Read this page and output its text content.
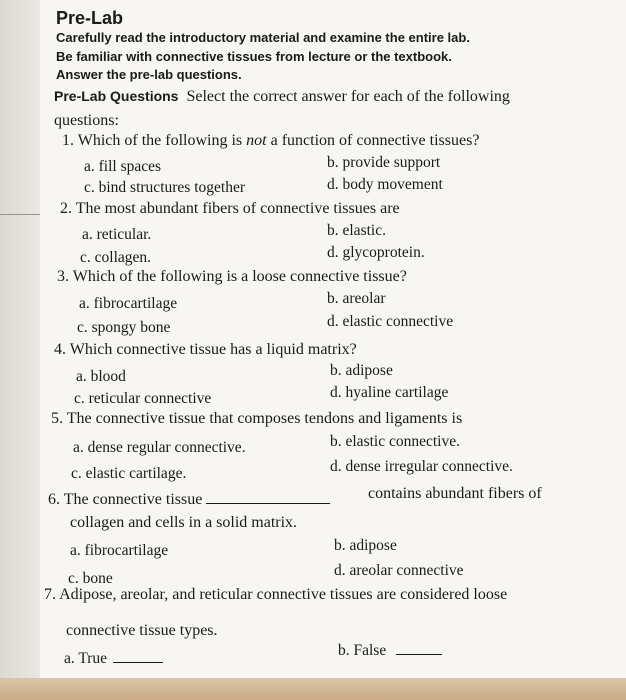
Pre-Lab
Carefully read the introductory material and examine the entire lab.
Be familiar with connective tissues from lecture or the textbook.
Answer the pre-lab questions.
Pre-Lab Questions Select the correct answer for each of the following
questions:
1. Which of the following is not a function of connective tissues?
a. fill spaces	b. provide support
c. bind structures together	d. body movement
2. The most abundant fibers of connective tissues are
a. reticular.	b. elastic.
c. collagen.	d. glycoprotein.
3. Which of the following is a loose connective tissue?
a. fibrocartilage	b. areolar
c. spongy bone	d. elastic connective
4. Which connective tissue has a liquid matrix?
a. blood	b. adipose
c. reticular connective	d. hyaline cartilage
5. The connective tissue that composes tendons and ligaments is
a. dense regular connective.	b. elastic connective.
c. elastic cartilage.	d. dense irregular connective.
6. The connective tissue	contains abundant fibers of
collagen and cells in a solid matrix.
a. fibrocartilage	b. adipose
c. bone	d. areolar connective
7. Adipose, areolar, and reticular connective tissues are considered loose
connective tissue types.
a. True	b. False
